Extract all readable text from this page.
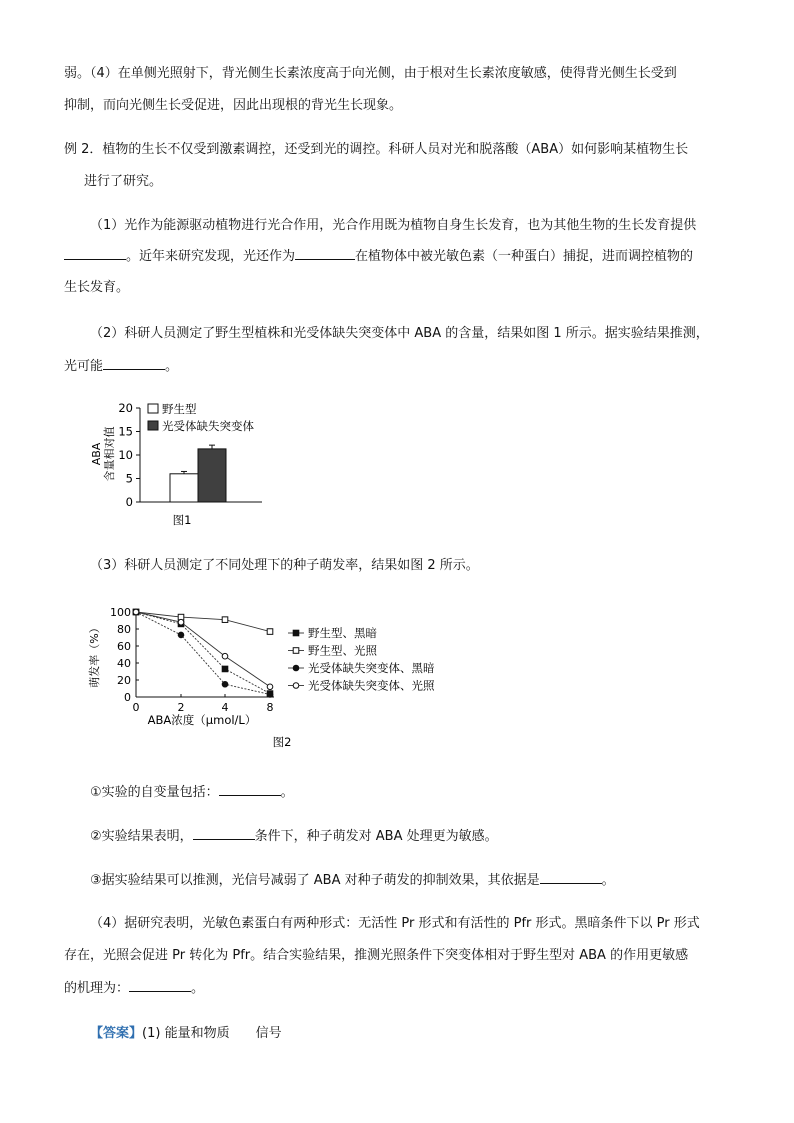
弱。（4）在单侧光照射下，背光侧生长素浓度高于向光侧，由于根对生长素浓度敏感，使得背光侧生长受到

抑制，而向光侧生长受促进，因此出现根的背光生长现象。

例 2．植物的生长不仅受到激素调控，还受到光的调控。科研人员对光和脱落酸（ABA）如何影响某植物生长

进行了研究。

（1）光作为能源驱动植物进行光合作用，光合作用既为植物自身生长发育，也为其他生物的生长发育提供

。近年来研究发现，光还作为	在植物体中被光敏色素（一种蛋白）捕捉，进而调控植物的

生长发育。

（2）科研人员测定了野生型植株和光受体缺失突变体中 ABA 的含量，结果如图 1 所示。据实验结果推测，

光可能	。

ABA 含量相对值
20
15
10
5
0
野生型
光受体缺失突变体
图1

（3）科研人员测定了不同处理下的种子萌发率，结果如图 2 所示。

萌发率（%）
100
80
60
40
20
0
0	2	4	8
ABA浓度（μmol/L）
野生型、黑暗
野生型、光照
光受体缺失突变体、黑暗
光受体缺失突变体、光照
图2

①实验的自变量包括：	。

②实验结果表明，	条件下，种子萌发对 ABA 处理更为敏感。

③据实验结果可以推测，光信号减弱了 ABA 对种子萌发的抑制效果，其依据是	。

（4）据研究表明，光敏色素蛋白有两种形式：无活性 Pr 形式和有活性的 Pfr 形式。黑暗条件下以 Pr 形式

存在，光照会促进 Pr 转化为 Pfr。结合实验结果，推测光照条件下突变体相对于野生型对 ABA 的作用更敏感

的机理为：	。

【答案】(1) 能量和物质　　信号
